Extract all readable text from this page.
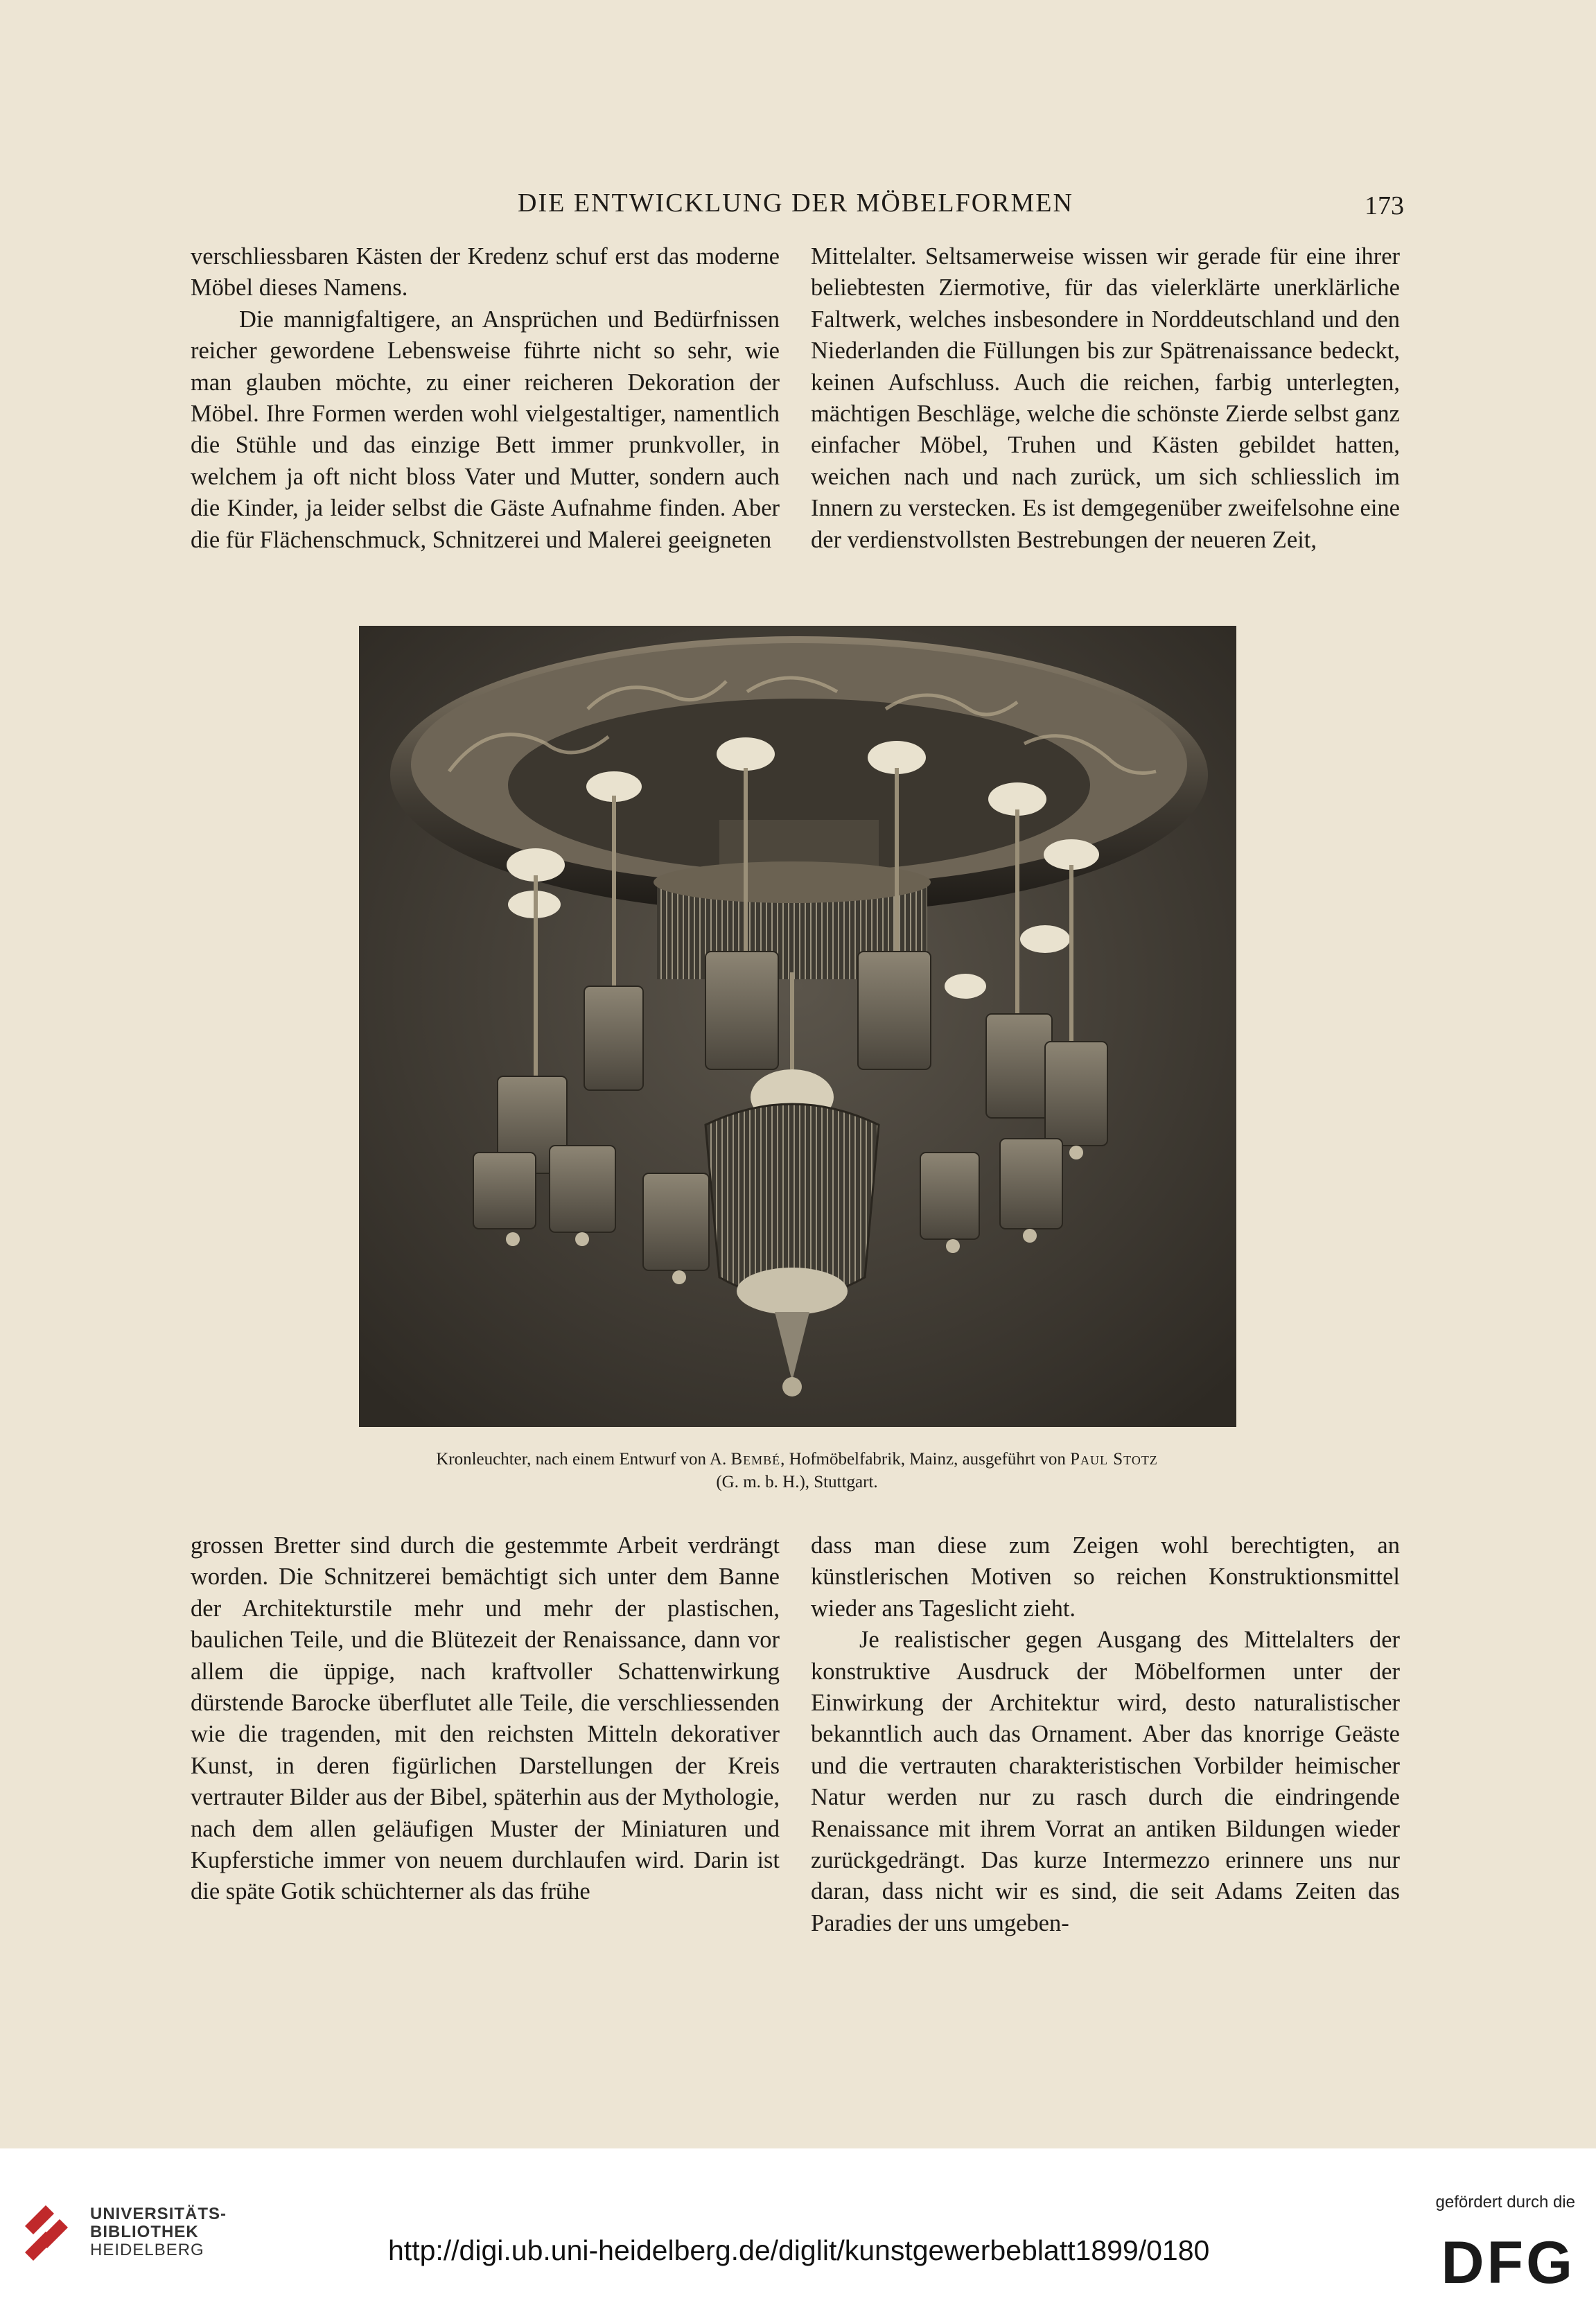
DIE ENTWICKLUNG DER MÖBELFORMEN	173

verschliessbaren Kästen der Kredenz schuf erst das moderne Möbel dieses Namens.

Die mannigfaltigere, an Ansprüchen und Bedürfnissen reicher gewordene Lebensweise führte nicht so sehr, wie man glauben möchte, zu einer reicheren Dekoration der Möbel. Ihre Formen werden wohl vielgestaltiger, namentlich die Stühle und das einzige Bett immer prunkvoller, in welchem ja oft nicht bloss Vater und Mutter, sondern auch die Kinder, ja leider selbst die Gäste Aufnahme finden. Aber die für Flächenschmuck, Schnitzerei und Malerei geeigneten

Mittelalter. Seltsamerweise wissen wir gerade für eine ihrer beliebtesten Ziermotive, für das vielerklärte unerklärliche Faltwerk, welches insbesondere in Norddeutschland und den Niederlanden die Füllungen bis zur Spätrenaissance bedeckt, keinen Aufschluss. Auch die reichen, farbig unterlegten, mächtigen Beschläge, welche die schönste Zierde selbst ganz einfacher Möbel, Truhen und Kästen gebildet hatten, weichen nach und nach zurück, um sich schliesslich im Innern zu verstecken. Es ist demgegenüber zweifelsohne eine der verdienstvollsten Bestrebungen der neueren Zeit,

Kronleuchter, nach einem Entwurf von A. Bembé, Hofmöbelfabrik, Mainz, ausgeführt von Paul Stotz
(G. m. b. H.), Stuttgart.

grossen Bretter sind durch die gestemmte Arbeit verdrängt worden. Die Schnitzerei bemächtigt sich unter dem Banne der Architekturstile mehr und mehr der plastischen, baulichen Teile, und die Blütezeit der Renaissance, dann vor allem die üppige, nach kraftvoller Schattenwirkung dürstende Barocke überflutet alle Teile, die verschliessenden wie die tragenden, mit den reichsten Mitteln dekorativer Kunst, in deren figürlichen Darstellungen der Kreis vertrauter Bilder aus der Bibel, späterhin aus der Mythologie, nach dem allen geläufigen Muster der Miniaturen und Kupferstiche immer von neuem durchlaufen wird. Darin ist die späte Gotik schüchterner als das frühe

dass man diese zum Zeigen wohl berechtigten, an künstlerischen Motiven so reichen Konstruktionsmittel wieder ans Tageslicht zieht.

Je realistischer gegen Ausgang des Mittelalters der konstruktive Ausdruck der Möbelformen unter der Einwirkung der Architektur wird, desto naturalistischer bekanntlich auch das Ornament. Aber das knorrige Geäste und die vertrauten charakteristischen Vorbilder heimischer Natur werden nur zu rasch durch die eindringende Renaissance mit ihrem Vorrat an antiken Bildungen wieder zurückgedrängt. Das kurze Intermezzo erinnere uns nur daran, dass nicht wir es sind, die seit Adams Zeiten das Paradies der uns umgeben-

UNIVERSITÄTS-
BIBLIOTHEK
HEIDELBERG	http://digi.ub.uni-heidelberg.de/diglit/kunstgewerbeblatt1899/0180
gefördert durch die
DFG
